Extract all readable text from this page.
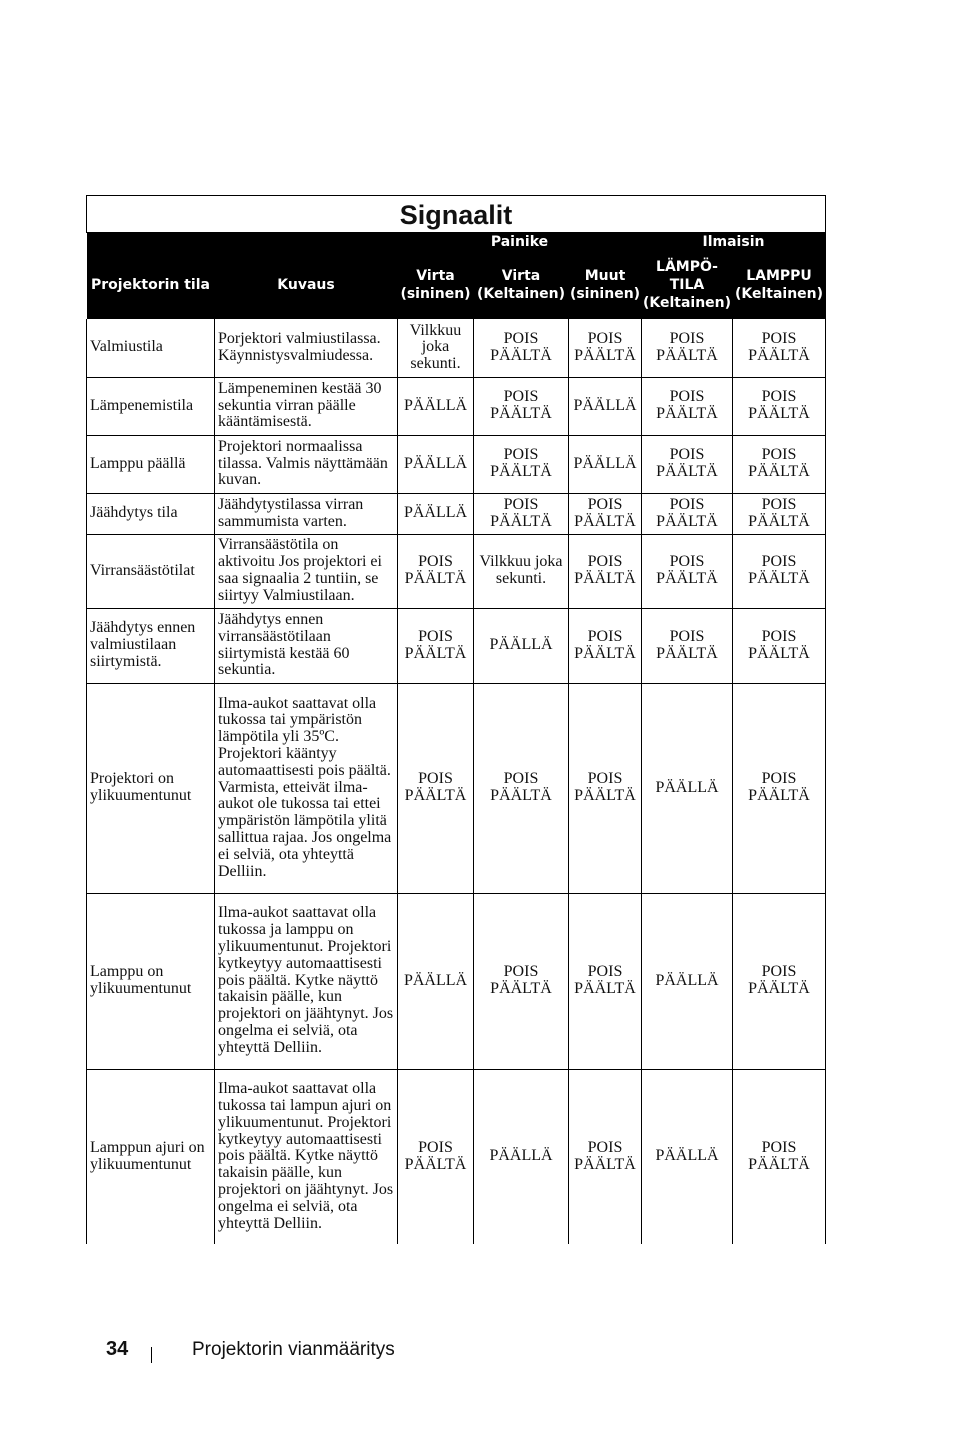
Signaalit						
		Painike			Ilmaisin	
Projektorin tila	Kuvaus	Virta (sininen)	Virta (Keltainen)	Muut (sininen)	LÄMPÖ-TILA (Keltainen)	LAMPPU (Keltainen)
Valmiustila	Porjektori valmiustilassa. Käynnistysvalmiudessa.	Vilkkuu joka sekunti.	POIS PÄÄLTÄ	POIS PÄÄLTÄ	POIS PÄÄLTÄ	POIS PÄÄLTÄ
Lämpenemistila	Lämpeneminen kestää 30 sekuntia virran päälle kääntämisestä.	PÄÄLLÄ	POIS PÄÄLTÄ	PÄÄLLÄ	POIS PÄÄLTÄ	POIS PÄÄLTÄ
Lamppu päällä	Projektori normaalissa tilassa. Valmis näyttämään kuvan.	PÄÄLLÄ	POIS PÄÄLTÄ	PÄÄLLÄ	POIS PÄÄLTÄ	POIS PÄÄLTÄ
Jäähdytys tila	Jäähdytystilassa virran sammumista varten.	PÄÄLLÄ	POIS PÄÄLTÄ	POIS PÄÄLTÄ	POIS PÄÄLTÄ	POIS PÄÄLTÄ
Virransäästötilat	Virransäästötila on aktivoitu Jos projektori ei saa signaalia 2 tuntiin, se siirtyy Valmiustilaan.	POIS PÄÄLTÄ	Vilkkuu joka sekunti.	POIS PÄÄLTÄ	POIS PÄÄLTÄ	POIS PÄÄLTÄ
Jäähdytys ennen valmiustilaan siirtymistä.	Jäähdytys ennen virransäästötilaan siirtymistä kestää 60 sekuntia.	POIS PÄÄLTÄ	PÄÄLLÄ	POIS PÄÄLTÄ	POIS PÄÄLTÄ	POIS PÄÄLTÄ
Projektori on ylikuumentunut	Ilma-aukot saattavat olla tukossa tai ympäristön lämpötila yli 35ºC. Projektori kääntyy automaattisesti pois päältä. Varmista, etteivät ilma-aukot ole tukossa tai ettei ympäristön lämpötila ylitä sallittua rajaa. Jos ongelma ei selviä, ota yhteyttä Delliin.	POIS PÄÄLTÄ	POIS PÄÄLTÄ	POIS PÄÄLTÄ	PÄÄLLÄ	POIS PÄÄLTÄ
Lamppu on ylikuumentunut	Ilma-aukot saattavat olla tukossa ja lamppu on ylikuumentunut. Projektori kytkeytyy automaattisesti pois päältä. Kytke näyttö takaisin päälle, kun projektori on jäähtynyt. Jos ongelma ei selviä, ota yhteyttä Delliin.	PÄÄLLÄ	POIS PÄÄLTÄ	POIS PÄÄLTÄ	PÄÄLLÄ	POIS PÄÄLTÄ
Lamppun ajuri on ylikuumentunut	Ilma-aukot saattavat olla tukossa tai lampun ajuri on ylikuumentunut. Projektori kytkeytyy automaattisesti pois päältä. Kytke näyttö takaisin päälle, kun projektori on jäähtynyt. Jos ongelma ei selviä, ota yhteyttä Delliin.	POIS PÄÄLTÄ	PÄÄLLÄ	POIS PÄÄLTÄ	PÄÄLLÄ	POIS PÄÄLTÄ
34	Projektorin vianmääritys
